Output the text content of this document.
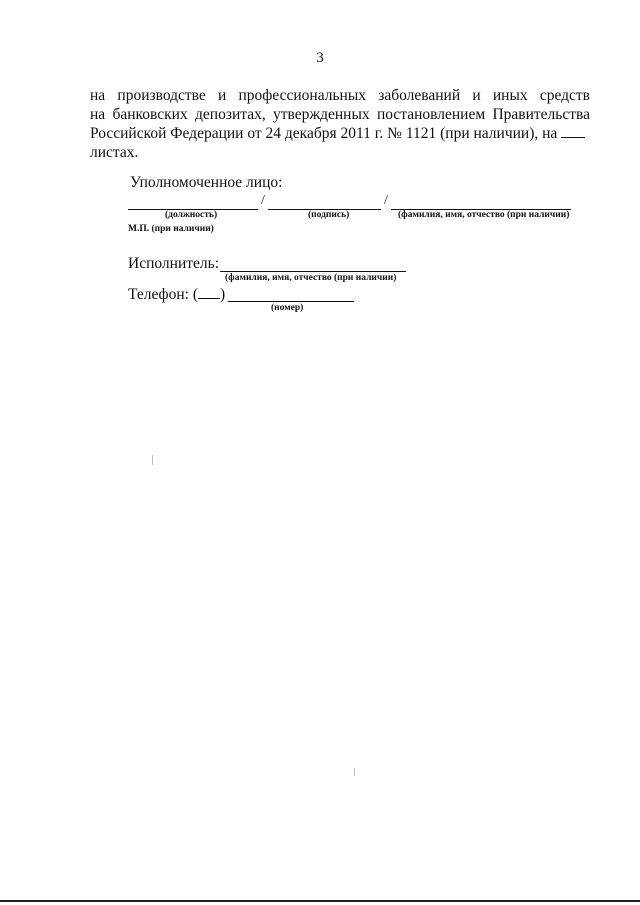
3
на производстве и профессиональных заболеваний и иных средств
на банковских депозитах, утвержденных постановлением Правительства
Российской Федерации от 24 декабря 2011 г. № 1121 (при наличии), на
листах.
Уполномоченное лицо:
/	/
(должность)	(подпись)	(фамилия, имя, отчество (при наличии)
М.П. (при наличии)
Исполнитель:
(фамилия, имя, отчество (при наличии)
Телефон: ( )
(номер)
